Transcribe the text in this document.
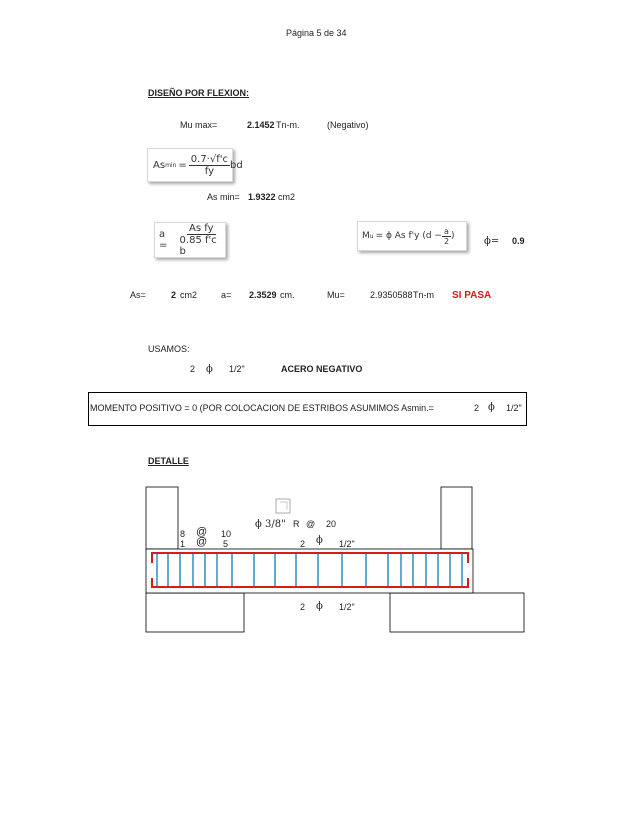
Página 5 de 34
DISEÑO POR FLEXION:
Mu max=	2.1452 Tn-m.	(Negativo)
As $\min = \frac{0.7\cdot√f'c}{fy}$ bd
As min= 1.9322 cm2
a =	$\frac{\text{As fy}}{\text{0.85 f'c b}}$	M u = ϕ As f'y ($d - \frac{a}{2}$ )	ϕ= 0.9
As=	2 cm2	a= 2.3529 cm.	Mu=	2.9350588 Tn-m SI PASA
USAMOS:
2 ϕ 1/2"	ACERO NEGATIVO
MOMENTO POSITIVO = 0 (POR COLOCACION DE ESTRIBOS ASUMIMOS Asmin.=	2 ϕ 1/2"
DETALLE
ϕ 3/8" R @ 20
8 @ 10
1 @ 5	2 ϕ 1/2"
2 ϕ 1/2"
